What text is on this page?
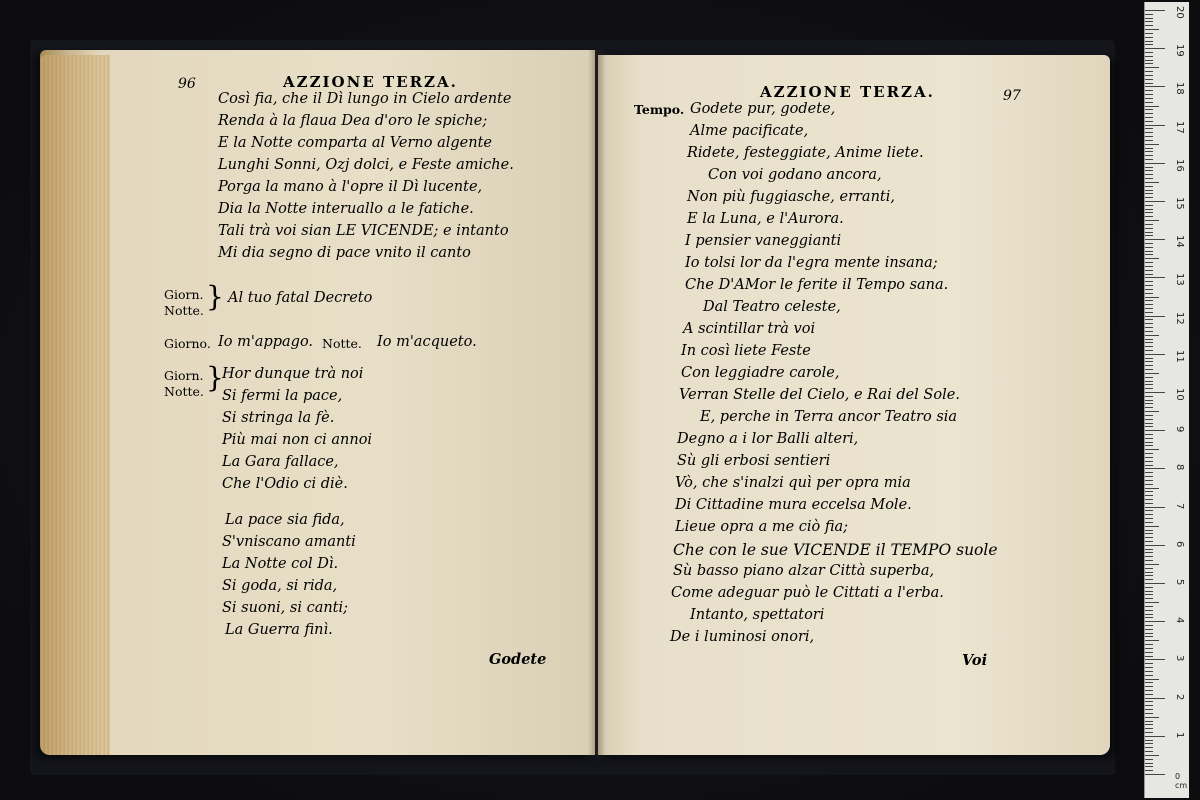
96	AZZIONE TERZA.
Così fia, che il Dì lungo in Cielo ardente
Renda à la flaua Dea d'oro le spiche;
E la Notte comparta al Verno algente
Lunghi Sonni, Ozj dolci, e Feste amiche.
Porga la mano à l'opre il Dì lucente,
Dia la Notte interuallo a le fatiche.
Tali trà voi sian LE VICENDE; e intanto
Mi dia segno di pace vnito il canto
Giorn.
Notte. } Al tuo fatal Decreto
Giorno. Io m'appago. Notte. Io m'acqueto.
Giorn.
Notte. }
Hor dunque trà noi
Si fermi la pace,
Si stringa la fè.
Più mai non ci annoi
La Gara fallace,
Che l'Odio ci diè.
La pace sia fida,
S'vniscano amanti
La Notte col Dì.
Si goda, si rida,
Si suoni, si canti;
La Guerra finì.
Godete
AZZIONE TERZA.	97
Tempo. Godete pur, godete,
Alme pacificate,
Ridete, festeggiate, Anime liete.
Con voi godano ancora,
Non più fuggiasche, erranti,
E la Luna, e l'Aurora.
I pensier vaneggianti
Io tolsi lor da l'egra mente insana;
Che D'AMor le ferite il Tempo sana.
Dal Teatro celeste,
A scintillar trà voi
In così liete Feste
Con leggiadre carole,
Verran Stelle del Cielo, e Rai del Sole.
E, perche in Terra ancor Teatro sia
Degno a i lor Balli alteri,
Sù gli erbosi sentieri
Vò, che s'inalzi quì per opra mia
Di Cittadine mura eccelsa Mole.
Lieue opra a me ciò fia;
Che con le sue VICENDE il TEMPO suole
Sù basso piano alzar Città superba,
Come adeguar può le Cittati a l'erba.
Intanto, spettatori
De i luminosi onori,
Voi
20
19
18
17
16
15
14
13
12
11
10
9
8
7
6
5
4
3
2
1
0 cm
